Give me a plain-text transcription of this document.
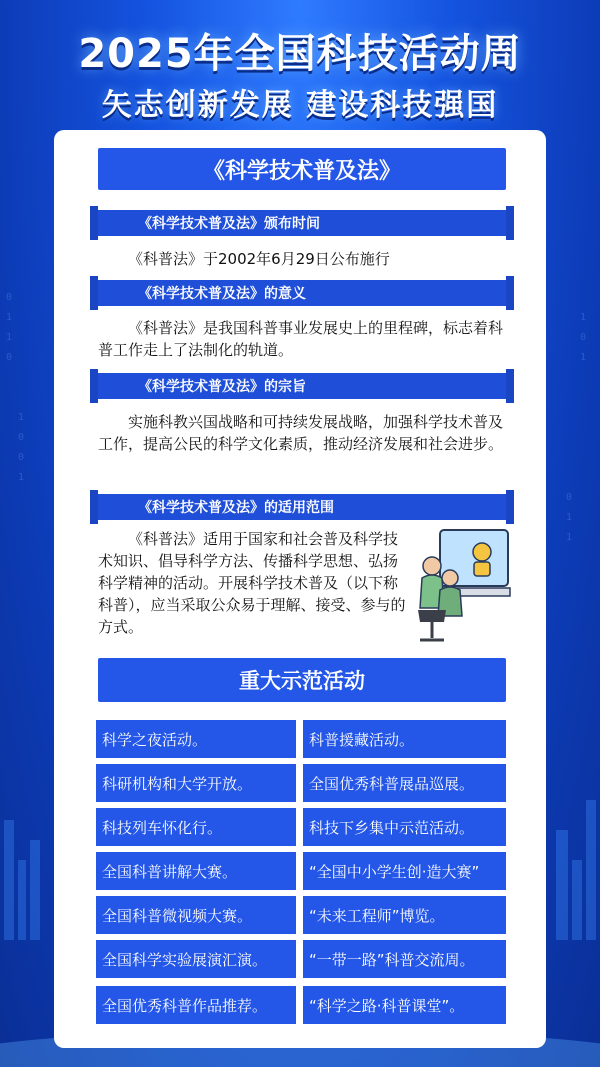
0
1
1
0
1
0
0
1
1
0
1
0
1
1
2025年全国科技活动周
矢志创新发展 建设科技强国
《科学技术普及法》
《科学技术普及法》颁布时间
《科普法》于2002年6月29日公布施行
《科学技术普及法》的意义
《科普法》是我国科普事业发展史上的里程碑，标志着科普工作走上了法制化的轨道。
《科学技术普及法》的宗旨
实施科教兴国战略和可持续发展战略，加强科学技术普及工作，提高公民的科学文化素质，推动经济发展和社会进步。
《科学技术普及法》的适用范围
《科普法》适用于国家和社会普及科学技术知识、倡导科学方法、传播科学思想、弘扬科学精神的活动。开展科学技术普及（以下称科普），应当采取公众易于理解、接受、参与的方式。
重大示范活动
科学之夜活动。	科普援藏活动。
科研机构和大学开放。	全国优秀科普展品巡展。
科技列车怀化行。	科技下乡集中示范活动。
全国科普讲解大赛。	“全国中小学生创·造大赛”
全国科普微视频大赛。	“未来工程师”博览。
全国科学实验展演汇演。	“一带一路”科普交流周。
全国优秀科普作品推荐。	“科学之路·科普课堂”。
